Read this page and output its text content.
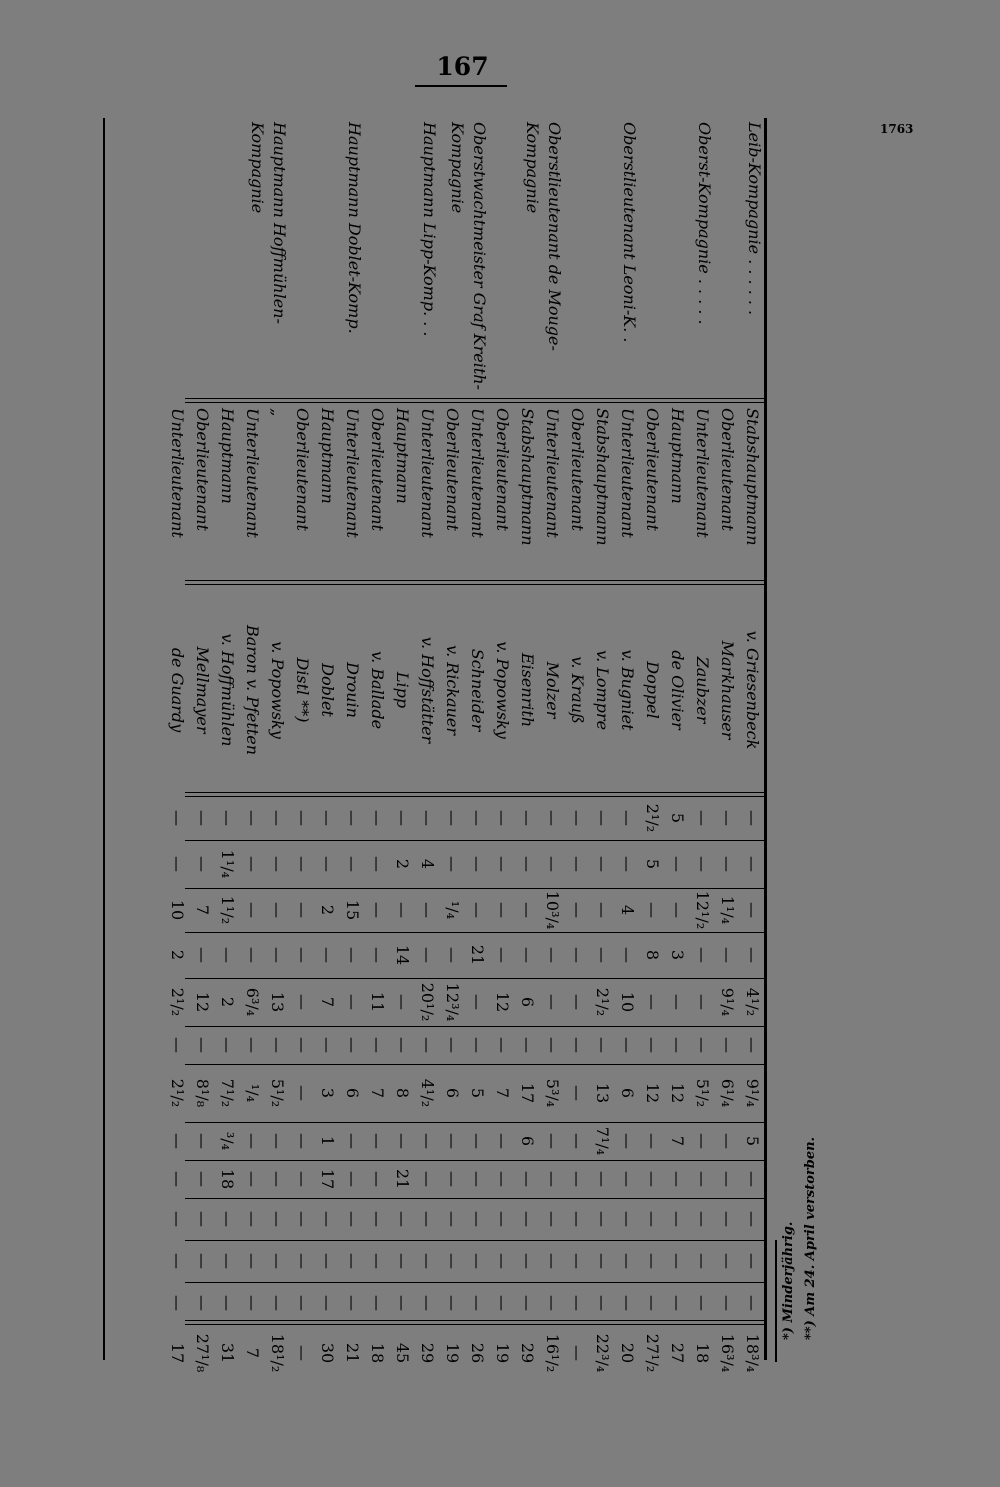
167
1763
Leib-Kompagnie . . . . . .
Oberst-Kompagnie . . . . .
Oberstlieutenant Leoni-K. .
Oberstlieutenant de Mouge-Kompagnie
Oberstwachtmeister Graf Kreith-Kompagnie
Hauptmann Lipp-Komp. . .
Hauptmann Doblet-Komp.
Hauptmann Hoffmühlen-Kompagnie
Stabshauptmann
v. Griesenbeck
—
—
—
—
4¹/₂
—
9¹/₄
5
—
—
—
—
18³/₄
Oberlieutenant
Markhauser
—
—
1¹/₄
—
9¹/₄
—
6¹/₄
—
—
—
—
—
16³/₄
Unterlieutenant
Zaubzer
—
—
12¹/₂
—
—
—
5¹/₂
—
—
—
—
—
18
Hauptmann
de Olivier
5
—
—
3
—
—
12
7
—
—
—
—
27
Oberlieutenant
Doppel
2¹/₂
5
—
8
—
—
12
—
—
—
—
—
27¹/₂
Unterlieutenant
v. Bugniet
—
—
4
—
10
—
6
—
—
—
—
—
20
Stabshauptmann
v. Lompre
—
—
—
—
2¹/₂
—
13
7¹/₄
—
—
—
—
22³/₄
Oberlieutenant
v. Krauß
—
—
—
—
—
—
—
—
—
—
—
—
—
Unterlieutenant
Molzer
—
—
10³/₄
—
—
—
5³/₄
—
—
—
—
—
16¹/₂
Stabshauptmann
Eisenrith
—
—
—
—
6
—
17
6
—
—
—
—
29
Oberlieutenant
v. Popowsky
—
—
—
—
12
—
7
—
—
—
—
—
19
Unterlieutenant
Schneider
—
—
—
21
—
—
5
—
—
—
—
—
26
Oberlieutenant
v. Rickauer
—
—
¹/₄
—
12³/₄
—
6
—
—
—
—
—
19
Unterlieutenant
v. Hoffstätter
—
4
—
—
20¹/₂
—
4¹/₂
—
—
—
—
—
29
Hauptmann
Lipp
—
2
—
14
—
—
8
—
21
—
—
—
45
Oberlieutenant
v. Ballade
—
—
—
—
11
—
7
—
—
—
—
—
18
Unterlieutenant
Drouin
—
—
15
—
—
—
6
—
—
—
—
—
21
Hauptmann
Doblet
—
—
2
—
7
—
3
1
17
—
—
—
30
Oberlieutenant
Distl **)
—
—
—
—
—
—
—
—
—
—
—
—
—
„
v. Popowsky
—
—
—
—
13
—
5¹/₂
—
—
—
—
—
18¹/₂
Unterlieutenant
Baron v. Pfetten
—
—
—
—
6³/₄
—
¹/₄
—
—
—
—
—
7
Hauptmann
v. Hoffmühlen
—
1¹/₄
1¹/₂
—
2
—
7¹/₂
³/₄
18
—
—
—
31
Oberlieutenant
Mellmayer
—
—
7
—
12
—
8¹/₈
—
—
—
—
—
27¹/₈
Unterlieutenant
de Guardy
—
—
10
2
2¹/₂
—
2¹/₂
—
—
—
—
—
17
*) Minderjährig. **) Am 24. April verstorben.
